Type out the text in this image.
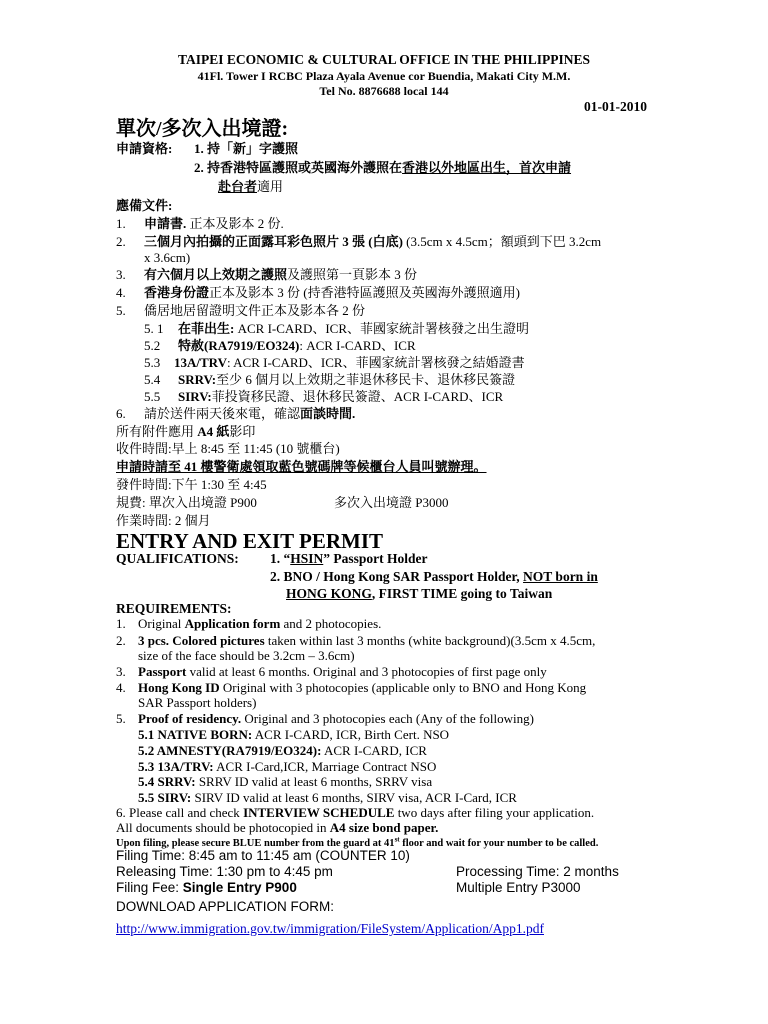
TAIPEI ECONOMIC & CULTURAL OFFICE IN THE PHILIPPINES
41Fl. Tower I RCBC Plaza Ayala Avenue cor Buendia, Makati City M.M.
Tel No. 8876688 local 144
01-01-2010
單次/多次入出境證:
申請資格: 1. 持「新」字護照
2. 持香港特區護照或英國海外護照在香港以外地區出生，首次申請
赴台者適用
應備文件:
1. 申請書. 正本及影本 2 份.
2. 三個月內拍攝的正面露耳彩色照片 3 張 (白底) (3.5cm x 4.5cm；額頭到下巴 3.2cm
x 3.6cm)
3. 有六個月以上效期之護照及護照第一頁影本 3 份
4. 香港身份證正本及影本 3 份 (持香港特區護照及英國海外護照適用)
5. 僑居地居留證明文件正本及影本各 2 份
5. 1 在菲出生: ACR I-CARD、ICR、菲國家統計署核發之出生證明
5.2 特赦(RA7919/EO324): ACR I-CARD、ICR
5.3 13A/TRV: ACR I-CARD、ICR、菲國家統計署核發之結婚證書
5.4 SRRV:至少 6 個月以上效期之菲退休移民卡、退休移民簽證
5.5 SIRV:菲投資移民證、退休移民簽證、ACR I-CARD、ICR
6. 請於送件兩天後來電，確認面談時間.
所有附件應用 A4 紙影印
收件時間:早上 8:45 至 11:45 (10 號櫃台)
申請時請至 41 樓警衛處領取藍色號碼牌等候櫃台人員叫號辦理。
發件時間:下午 1:30 至 4:45
規費: 單次入出境證 P900	多次入出境證 P3000
作業時間: 2 個月
ENTRY AND EXIT PERMIT
QUALIFICATIONS: 1. “HSIN” Passport Holder
2. BNO / Hong Kong SAR Passport Holder, NOT born in
HONG KONG, FIRST TIME going to Taiwan
REQUIREMENTS:
1. Original Application form and 2 photocopies.
2. 3 pcs. Colored pictures taken within last 3 months (white background)(3.5cm x 4.5cm,
size of the face should be 3.2cm – 3.6cm)
3. Passport valid at least 6 months. Original and 3 photocopies of first page only
4. Hong Kong ID Original with 3 photocopies (applicable only to BNO and Hong Kong
SAR Passport holders)
5. Proof of residency. Original and 3 photocopies each (Any of the following)
5.1 NATIVE BORN: ACR I-CARD, ICR, Birth Cert. NSO
5.2 AMNESTY(RA7919/EO324): ACR I-CARD, ICR
5.3 13A/TRV: ACR I-Card,ICR, Marriage Contract NSO
5.4 SRRV: SRRV ID valid at least 6 months, SRRV visa
5.5 SIRV: SIRV ID valid at least 6 months, SIRV visa, ACR I-Card, ICR
6. Please call and check INTERVIEW SCHEDULE two days after filing your application.
All documents should be photocopied in A4 size bond paper.
Upon filing, please secure BLUE number from the guard at 41st floor and wait for your number to be called.
Filing Time: 8:45 am to 11:45 am (COUNTER 10)
Releasing Time: 1:30 pm to 4:45 pm	Processing Time: 2 months
Filing Fee: Single Entry P900	Multiple Entry P3000
DOWNLOAD APPLICATION FORM:
http://www.immigration.gov.tw/immigration/FileSystem/Application/App1.pdf
